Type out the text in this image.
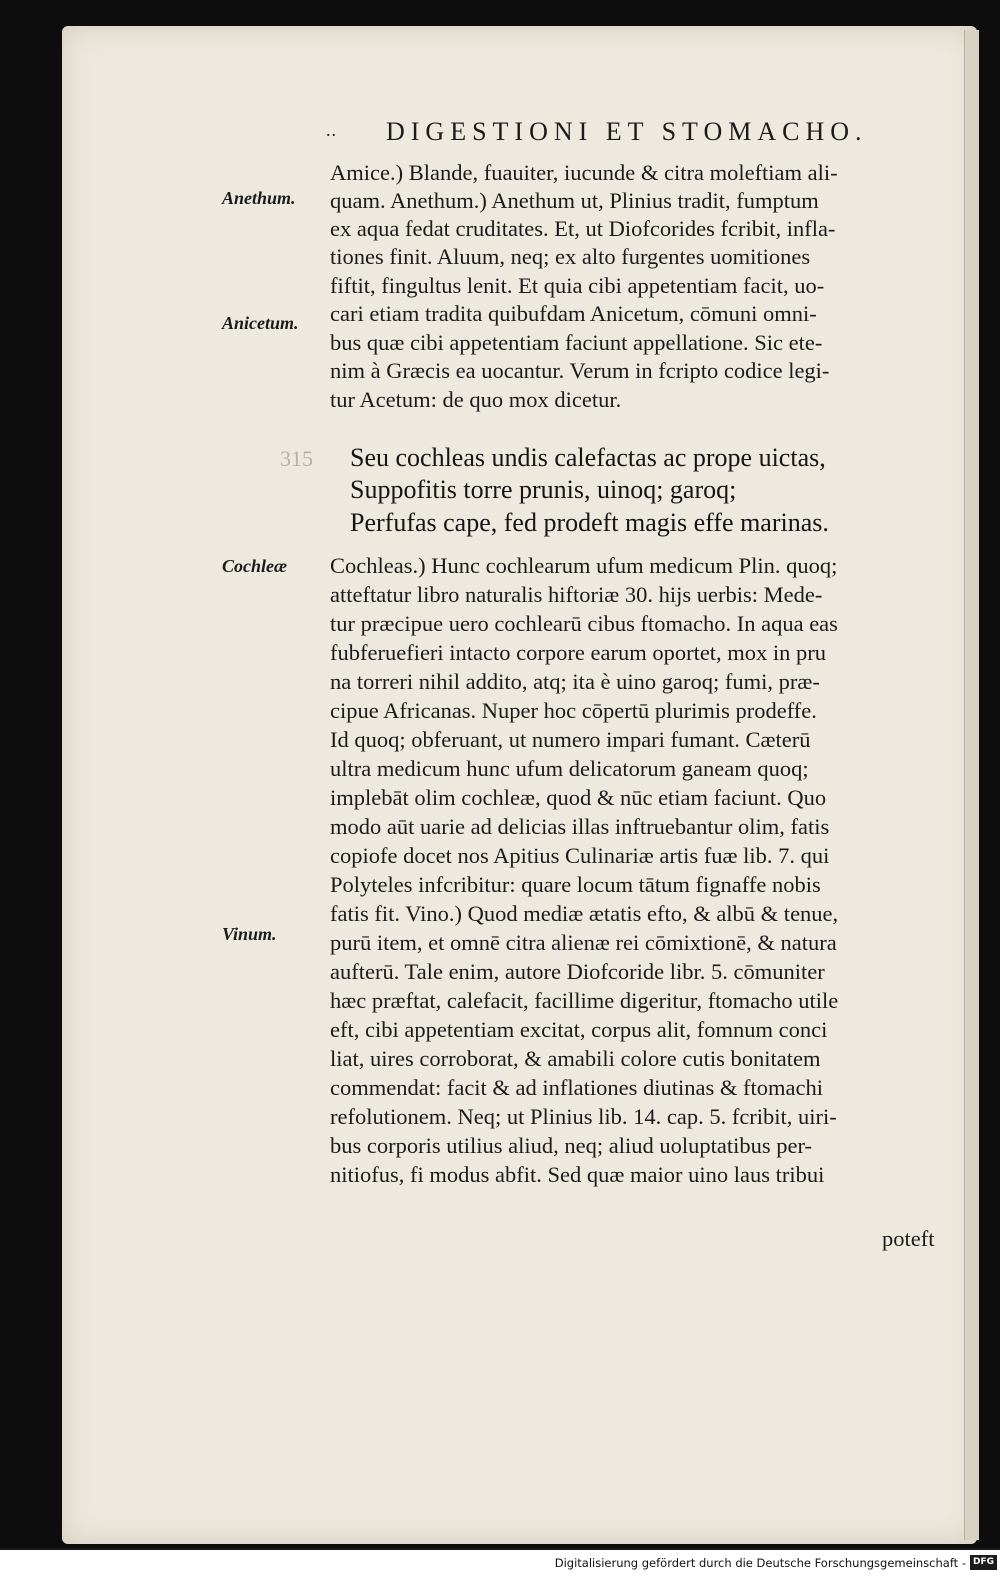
.. DIGESTIONI ET STOMACHO.
Anethum.
Anicetum.
Cochleæ
Vinum.
Amice.) Blande, fuauiter, iucunde & citra moleftiam ali-
quam. Anethum.) Anethum ut, Plinius tradit, fumptum
ex aqua fedat cruditates. Et, ut Diofcorides fcribit, infla-
tiones finit. Aluum, neq; ex alto furgentes uomitiones
fiftit, fingultus lenit. Et quia cibi appetentiam facit, uo-
cari etiam tradita quibufdam Anicetum, cōmuni omni-
bus quæ cibi appetentiam faciunt appellatione. Sic ete-
nim à Græcis ea uocantur. Verum in fcripto codice legi-
tur Acetum: de quo mox dicetur.
315 Seu cochleas undis calefactas ac prope uictas,
Suppofitis torre prunis, uinoq; garoq;
Perfufas cape, fed prodeft magis effe marinas.
Cochleas.) Hunc cochlearum ufum medicum Plin. quoq;
atteftatur libro naturalis hiftoriæ 30. hijs uerbis: Mede-
tur præcipue uero cochlearū cibus ftomacho. In aqua eas
fubferuefieri intacto corpore earum oportet, mox in pru
na torreri nihil addito, atq; ita è uino garoq; fumi, præ-
cipue Africanas. Nuper hoc cōpertū plurimis prodeffe.
Id quoq; obferuant, ut numero impari fumant. Cæterū
ultra medicum hunc ufum delicatorum ganeam quoq;
implebāt olim cochleæ, quod & nūc etiam faciunt. Quo
modo aūt uarie ad delicias illas inftruebantur olim, fatis
copiofe docet nos Apitius Culinariæ artis fuæ lib. 7. qui
Polyteles infcribitur: quare locum tātum fignaffe nobis
fatis fit. Vino.) Quod mediæ ætatis efto, & albū & tenue,
purū item, et omnē citra alienæ rei cōmixtionē, & natura
aufterū. Tale enim, autore Diofcoride libr. 5. cōmuniter
hæc præftat, calefacit, facillime digeritur, ftomacho utile
eft, cibi appetentiam excitat, corpus alit, fomnum conci
liat, uires corroborat, & amabili colore cutis bonitatem
commendat: facit & ad inflationes diutinas & ftomachi
refolutionem. Neq; ut Plinius lib. 14. cap. 5. fcribit, uiri-
bus corporis utilius aliud, neq; aliud uoluptatibus per-
nitiofus, fi modus abfit. Sed quæ maior uino laus tribui
poteft
Digitalisierung gefördert durch die Deutsche Forschungsgemeinschaft - DFG
